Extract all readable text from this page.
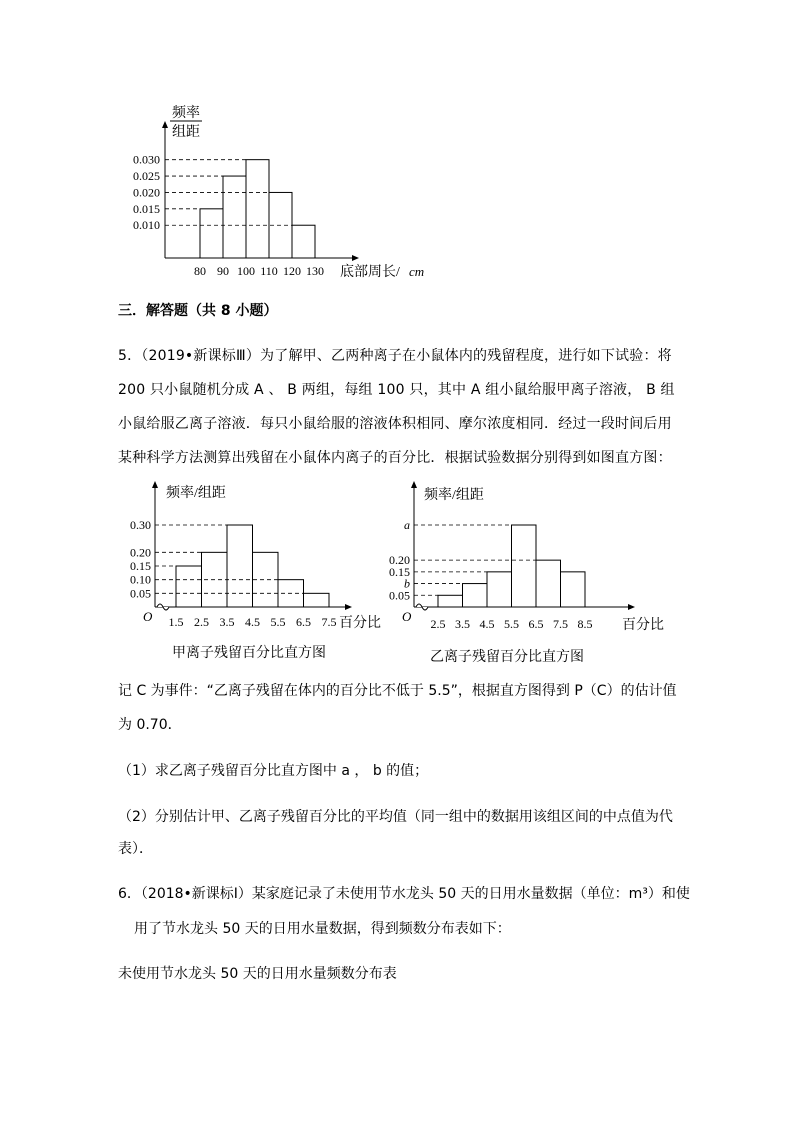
频率
组距
0.030
0.025
0.020
0.015
0.010
80 90 100 110 120 130 底部周长/ cm
三．解答题（共 8 小题）
5．（2019•新课标Ⅲ）为了解甲、乙两种离子在小鼠体内的残留程度，进行如下试验：将 200 只小鼠随机分成 A 、 B 两组，每组 100 只，其中 A 组小鼠给服甲离子溶液， B 组小鼠给服乙离子溶液．每只小鼠给服的溶液体积相同、摩尔浓度相同．经过一段时间后用某种科学方法测算出残留在小鼠体内离子的百分比．根据试验数据分别得到如图直方图：
频率/组距
O
0.30
0.20
0.15
0.10
0.05
1.5 2.5 3.5 4.5 5.5 6.5 7.5 百分比
频率/组距
O
a
0.20
0.15
b
0.05
2.5 3.5 4.5 5.5 6.5 7.5 8.5 百分比
甲离子残留百分比直方图	乙离子残留百分比直方图
记 C 为事件：“乙离子残留在体内的百分比不低于 5.5”，根据直方图得到 P（C）的估计值
为 0.70．
（1）求乙离子残留百分比直方图中 a ， b 的值；
（2）分别估计甲、乙离子残留百分比的平均值（同一组中的数据用该组区间的中点值为代
表）．
6．（2018•新课标Ⅰ）某家庭记录了未使用节水龙头 50 天的日用水量数据（单位：m³）和使
用了节水龙头 50 天的日用水量数据，得到频数分布表如下：
未使用节水龙头 50 天的日用水量频数分布表
